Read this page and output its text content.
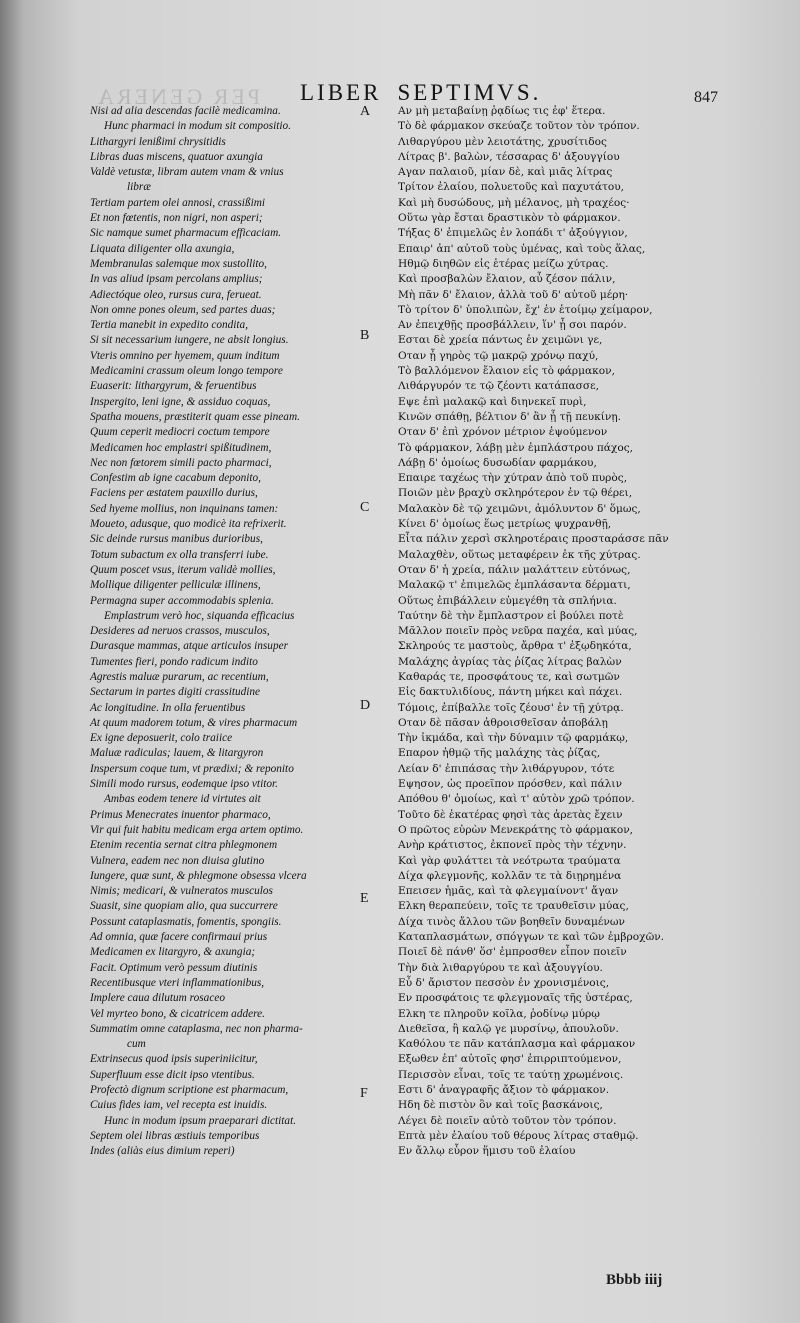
PER GENERA LIBER SEPTIMVS.	847
Nisi ad alia descendas facilè medicamina.
Hunc pharmaci in modum sit compositio.
Lithargyri lenißimi chrysitidis
Libras duas miscens, quatuor axungia
Valdè vetustæ, libram autem vnam & vnius
libræ
Tertiam partem olei annosi, crassißimi
Et non fœtentis, non nigri, non asperi;
Sic namque sumet pharmacum efficaciam.
Liquata diligenter olla axungia,
Membranulas salemque mox sustollito,
In vas aliud ipsam percolans amplius;
Adiectóque oleo, rursus cura, ferueat.
Non omne pones oleum, sed partes duas;
Tertia manebit in expedito condita,
Si sit necessarium iungere, ne absit longius.
Vteris omnino per hyemem, quum inditum
Medicamini crassum oleum longo tempore
Euaserit: lithargyrum, & feruentibus
Inspergito, leni igne, & assiduo coquas,
Spatha mouens, præstiterit quam esse pineam.
Quum ceperit mediocri coctum tempore
Medicamen hoc emplastri spißitudinem,
Nec non fœtorem simili pacto pharmaci,
Confestim ab igne cacabum deponito,
Faciens per æstatem pauxillo durius,
Sed hyeme mollius, non inquinans tamen:
Moueto, adusque, quo modicè ita refrixerit.
Sic deinde rursus manibus durioribus,
Totum subactum ex olla transferri iube.
Quum poscet vsus, iterum validè mollies,
Mollique diligenter pelliculæ illinens,
Permagna super accommodabis splenia.
Emplastrum verò hoc, siquanda efficacius
Desideres ad neruos crassos, musculos,
Durasque mammas, atque articulos insuper
Tumentes fieri, pondo radicum indito
Agrestis maluæ purarum, ac recentium,
Sectarum in partes digiti crassitudine
Ac longitudine. In olla feruentibus
At quum madorem totum, & vires pharmacum
Ex igne deposuerit, colo traiice
Maluæ radiculas; lauem, & litargyron
Inspersum coque tum, vt prædixi; & reponito
Simili modo rursus, eodemque ipso vtitor.
Ambas eodem tenere id virtutes ait
Primus Menecrates inuentor pharmaco,
Vir qui fuit habitu medicam erga artem optimo.
Etenim recentia sernat citra phlegmonem
Vulnera, eadem nec non diuisa glutino
Iungere, quæ sunt, & phlegmone obsessa vlcera
Nimis; medicari, & vulneratos musculos
Suasit, sine quopiam alio, qua succurrere
Possunt cataplasmatis, fomentis, spongiis.
Ad omnia, quæ facere confirmaui prius
Medicamen ex litargyro, & axungia;
Facit. Optimum verò pessum diutinis
Recentibusque vteri inflammationibus,
Implere caua dilutum rosaceo
Vel myrteo bono, & cicatricem addere.
Summatim omne cataplasma, nec non pharma-
cum
Extrinsecus quod ipsis superiniicitur,
Superfluum esse dicit ipso vtentibus.
Profectò dignum scriptione est pharmacum,
Cuius fides iam, vel recepta est inuidis.
Hunc in modum ipsum praeparari dictitat.
Septem olei libras æstiuis temporibus
Indes (aliàs eius dimium reperi)
Αν μὴ μεταβαίνῃ ῥᾳδίως τις ἐφ' ἕτερα.
Τὸ δὲ φάρμακον σκεύαζε τοῦτον τὸν τρόπον.
Λιθαργύρου μὲν λειοτάτης, χρυσίτιδος
Λίτρας β'. βαλὼν, τέσσαρας δ' ἀξουγγίου
Αγαν παλαιοῦ, μίαν δὲ, καὶ μιᾶς λίτρας
Τρίτον ἐλαίου, πολυετοῦς καὶ παχυτάτου,
Καὶ μὴ δυσώδους, μὴ μέλανος, μὴ τραχέος·
Οὕτω γὰρ ἔσται δραστικὸν τὸ φάρμακον.
Τήξας δ' ἐπιμελῶς ἐν λοπάδι τ' ἀξούγγιον,
Επαιρ' ἀπ' αὐτοῦ τοὺς ὑμένας, καὶ τοὺς ἅλας,
Ηθμῷ διηθῶν εἰς ἑτέρας μείζω χύτρας.
Καὶ προσβαλὼν ἔλαιον, αὖ ζέσον πάλιν,
Μὴ πᾶν δ' ἔλαιον, ἀλλὰ τοῦ δ' αὐτοῦ μέρη·
Τὸ τρίτον δ' ὑπολιπὼν, ἔχ' ἐν ἑτοίμῳ χείμαρον,
Αν ἐπειχθῇς προσβάλλειν, ἵν' ᾖ σοι παρόν.
Εσται δὲ χρεία πάντως ἐν χειμῶνι γε,
Οταν ᾖ γηρὸς τῷ μακρῷ χρόνῳ παχύ,
Τὸ βαλλόμενον ἔλαιον εἰς τὸ φάρμακον,
Λιθάργυρόν τε τῷ ζέοντι κατάπασσε,
Εψε ἐπὶ μαλακῷ καὶ διηνεκεῖ πυρὶ,
Κινῶν σπάθῃ, βέλτιον δ' ἂν ᾖ τῇ πευκίνῃ.
Οταν δ' ἐπὶ χρόνον μέτριον ἑψούμενον
Τὸ φάρμακον, λάβῃ μὲν ἐμπλάστρου πάχος,
Λάβῃ δ' ὁμοίως δυσωδίαν φαρμάκου,
Επαιρε ταχέως τὴν χύτραν ἀπὸ τοῦ πυρὸς,
Ποιῶν μὲν βραχὺ σκληρότερον ἐν τῷ θέρει,
Μαλακὸν δὲ τῷ χειμῶνι, ἀμόλυντον δ' ὅμως,
Κίνει δ' ὁμοίως ἕως μετρίως ψυχρανθῇ,
Εἶτα πάλιν χερσὶ σκληροτέραις προσταράσσε πᾶν
Μαλαχθὲν, οὕτως μεταφέρειν ἐκ τῆς χύτρας.
Οταν δ' ἡ χρεία, πάλιν μαλάττειν εὐτόνως,
Μαλακῷ τ' ἐπιμελῶς ἐμπλάσαντα δέρματι,
Οὕτως ἐπιβάλλειν εὐμεγέθη τὰ σπλήνια.
Ταύτην δὲ τὴν ἔμπλαστρον εἰ βούλει ποτὲ
Μᾶλλον ποιεῖν πρὸς νεῦρα παχέα, καὶ μύας,
Σκληρούς τε μαστοὺς, ἄρθρα τ' ἐξῳδηκότα,
Μαλάχης ἀγρίας τὰς ῥίζας λίτρας βαλὼν
Καθαράς τε, προσφάτους τε, καὶ σωτμῶν
Εἰς δακτυλιδίους, πάντη μήκει καὶ πάχει.
Τόμοις, ἐπίβαλλε τοῖς ζέουσ' ἐν τῇ χύτρᾳ.
Οταν δὲ πᾶσαν ἀθροισθεῖσαν ἀποβάλῃ
Τὴν ἰκμάδα, καὶ τὴν δύναμιν τῷ φαρμάκῳ,
Επαρον ἠθμῷ τῆς μαλάχης τὰς ῥίζας,
Λείαν δ' ἐπιπάσας τὴν λιθάργυρον, τότε
Εψησον, ὡς προεῖπον πρόσθεν, καὶ πάλιν
Απόθου θ' ὁμοίως, καὶ τ' αὐτὸν χρῶ τρόπον.
Τοῦτο δὲ ἑκατέρας φησὶ τὰς ἀρετὰς ἔχειν
Ο πρῶτος εὑρὼν Μενεκράτης τὸ φάρμακον,
Ανὴρ κράτιστος, ἐκπονεῖ πρὸς τὴν τέχνην.
Καὶ γὰρ φυλάττει τὰ νεότρωτα τραύματα
Δίχα φλεγμονῆς, κολλᾶν τε τὰ διῃρημένα
Επεισεν ἡμᾶς, καὶ τὰ φλεγμαίνοντ' ἄγαν
Ελκη θεραπεύειν, τοῖς τε τραυθεῖσιν μύας,
Δίχα τινὸς ἄλλου τῶν βοηθεῖν δυναμένων
Καταπλασμάτων, σπόγγων τε καὶ τῶν ἐμβροχῶν.
Ποιεῖ δὲ πάνθ' ὅσ' ἐμπροσθεν εἶπον ποιεῖν
Τὴν διὰ λιθαργύρου τε καὶ ἀξουγγίου.
Εὖ δ' ἄριστον πεσσὸν ἐν χρονισμένοις,
Εν προσφάτοις τε φλεγμοναῖς τῆς ὑστέρας,
Ελκη τε πληροῦν κοῖλα, ῥοδίνῳ μύρῳ
Διεθεῖσα, ἢ καλῷ γε μυρσίνῳ, ἀπουλοῦν.
Καθόλου τε πᾶν κατάπλασμα καὶ φάρμακον
Εξωθεν ἐπ' αὐτοῖς φησ' ἐπιρριπτούμενον,
Περισσὸν εἶναι, τοῖς τε ταύτῃ χρωμένοις.
Εστι δ' ἀναγραφῆς ἄξιον τὸ φάρμακον.
Ηδη δὲ πιστὸν ὂν καὶ τοῖς βασκάνοις,
Λέγει δὲ ποιεῖν αὐτὸ τοῦτον τὸν τρόπον.
Επτὰ μὲν ἐλαίου τοῦ θέρους λίτρας σταθμῷ.
Εν ἄλλῳ εὗρον ἥμισυ τοῦ ἐλαίου
A
B
C
D
E
F
Bbbb iiij
